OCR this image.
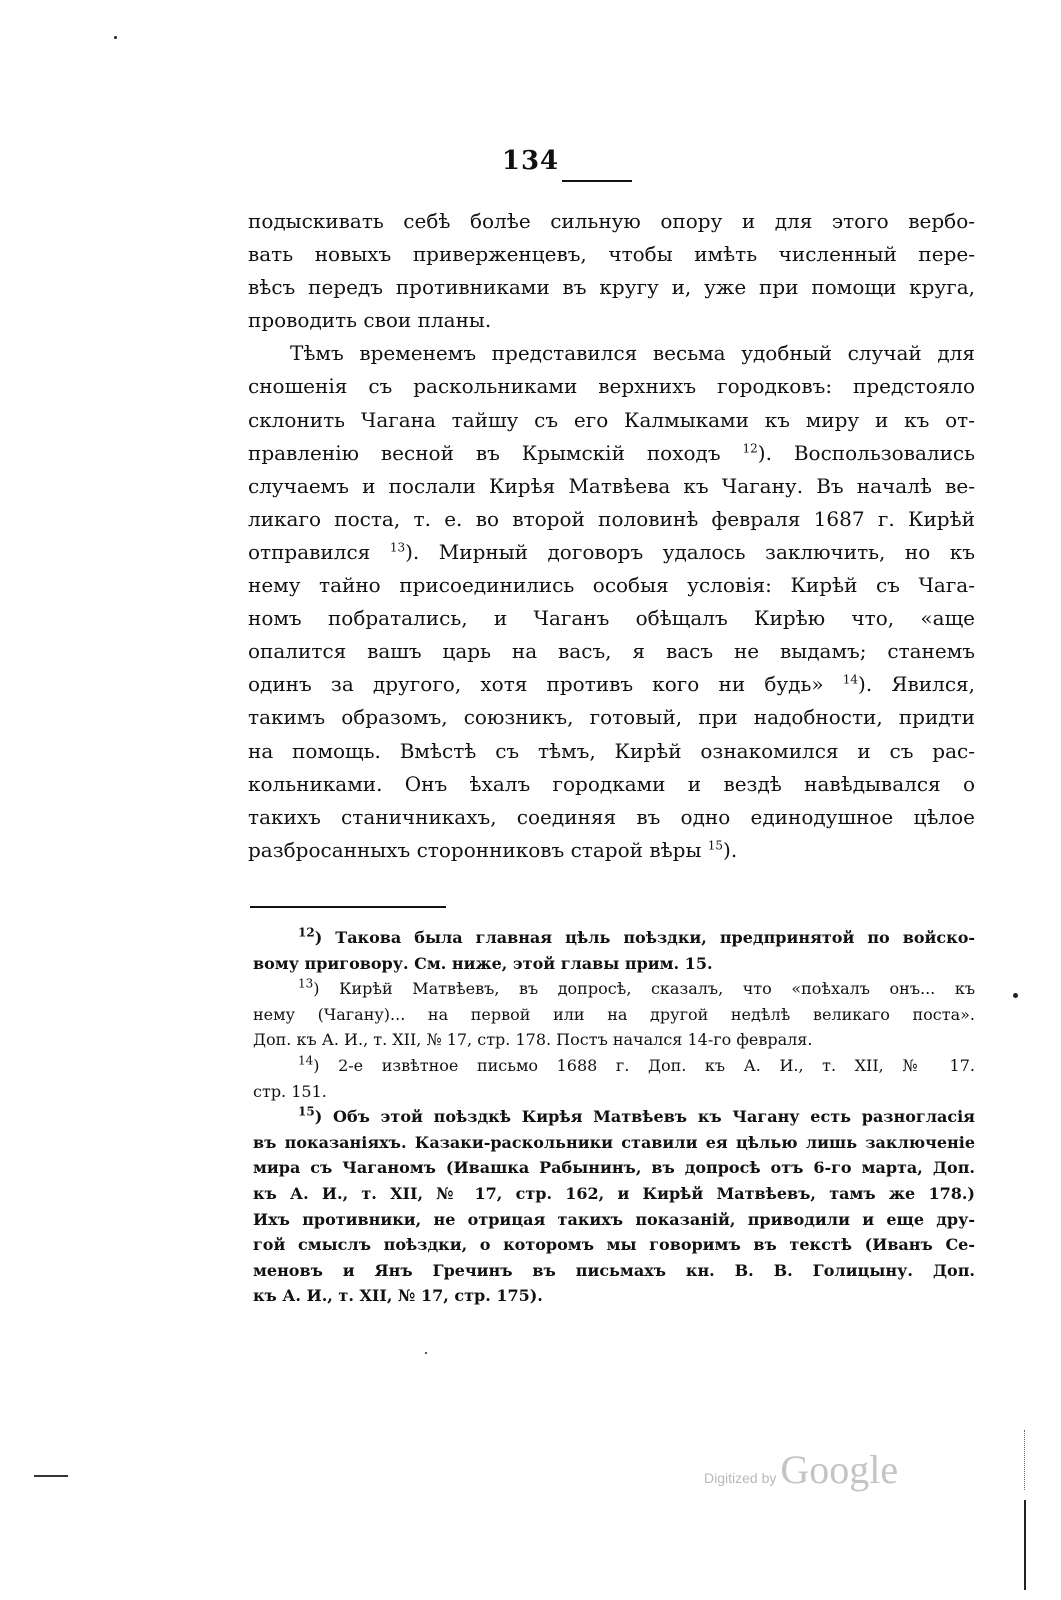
134
подыскивать себѣ болѣе сильную опору и для этого вербо-
вать новыхъ приверженцевъ, чтобы имѣть численный пере-
вѣсъ передъ противниками въ кругу и, уже при помощи круга,
проводить свои планы.
Тѣмъ временемъ представился весьма удобный случай для
сношенія съ раскольниками верхнихъ городковъ: предстояло
склонить Чагана тайшу съ его Калмыками къ миру и къ от-
правленію весной въ Крымскій походъ $^{12}$). Воспользовались
случаемъ и послали Кирѣя Матвѣева къ Чагану. Въ началѣ ве-
ликаго поста, т. е. во второй половинѣ февраля 1687 г. Кирѣй
отправился $^{13}$). Мирный договоръ удалось заключить, но къ
нему тайно присоединились особыя условія: Кирѣй съ Чага-
номъ побратались, и Чаганъ обѣщалъ Кирѣю что, «аще
опалится вашъ царь на васъ, я васъ не выдамъ; станемъ
одинъ за другого, хотя противъ кого ни будь» $^{14}$). Явился,
такимъ образомъ, союзникъ, готовый, при надобности, придти
на помощь. Вмѣстѣ съ тѣмъ, Кирѣй ознакомился и съ рас-
кольниками. Онъ ѣхалъ городками и вездѣ навѣдывался о
такихъ станичникахъ, соединяя въ одно единодушное цѣлое
разбросанныхъ сторонниковъ старой вѣры $^{15}$).
$^{12}$) Такова была главная цѣль поѣздки, предпринятой по войско-
вому приговору. См. ниже, этой главы прим. 15.
$^{13}$) Кирѣй Матвѣевъ, въ допросѣ, сказалъ, что «поѣхалъ онъ... къ
нему (Чагану)... на первой или на другой недѣлѣ великаго поста».
Доп. къ А. И., т. XII, № 17, стр. 178. Постъ начался 14-го февраля.
$^{14}$) 2-е извѣтное письмо 1688 г. Доп. къ А. И., т. XII, № 17.
стр. 151.
$^{15}$) Объ этой поѣздкѣ Кирѣя Матвѣевъ къ Чагану есть разногласія
въ показаніяхъ. Казаки-раскольники ставили ея цѣлью лишь заключеніе
мира съ Чаганомъ (Ивашка Рабынинъ, въ допросѣ отъ 6-го марта, Доп.
къ А. И., т. XII, № 17, стр. 162, и Кирѣй Матвѣевъ, тамъ же 178.)
Ихъ противники, не отрицая такихъ показаній, приводили и еще дру-
гой смыслъ поѣздки, о которомъ мы говоримъ въ текстѣ (Иванъ Се-
меновъ и Янъ Гречинъ въ письмахъ кн. В. В. Голицыну. Доп.
къ А. И., т. XII, № 17, стр. 175).
Digitized by Google
